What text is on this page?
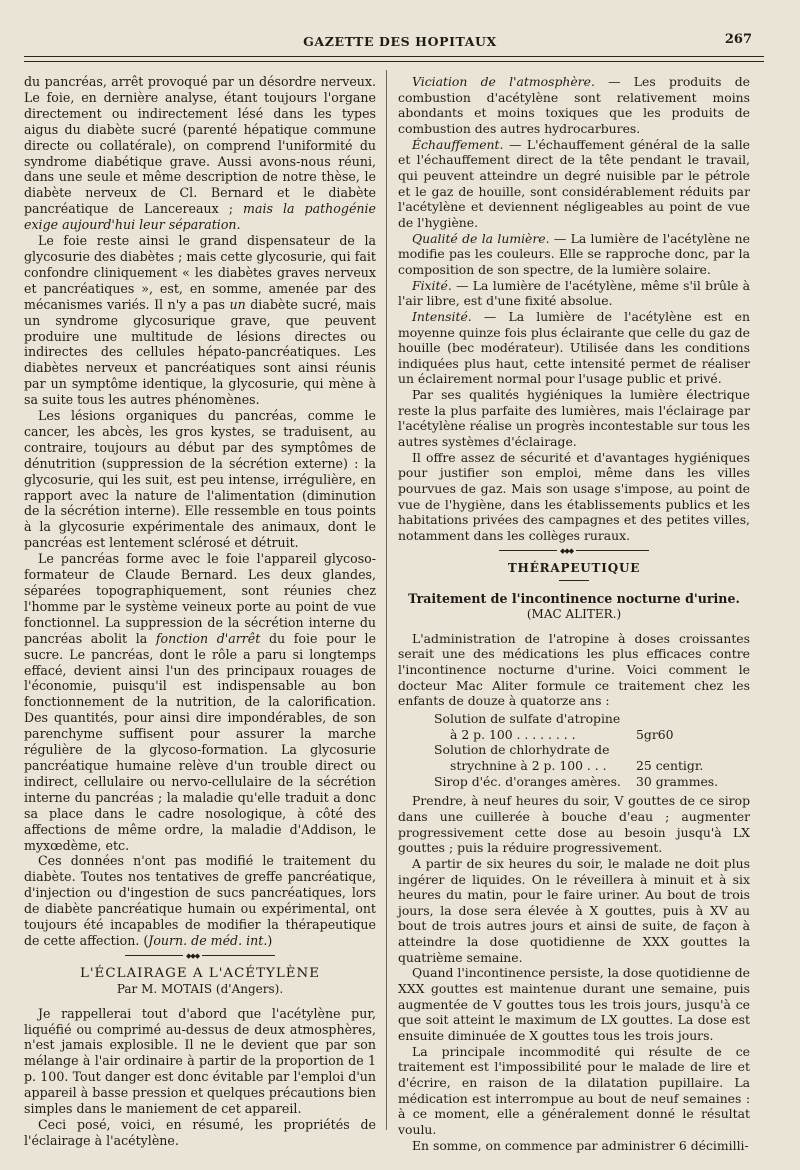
GAZETTE DES HOPITAUX	267

du pancréas, arrêt provoqué par un désordre nerveux. Le foie, en dernière analyse, étant toujours l'organe directement ou indirectement lésé dans les types aigus du diabète sucré (parenté hépatique commune directe ou collatérale), on comprend l'uniformité du syndrome diabétique grave. Aussi avons-nous réuni, dans une seule et même description de notre thèse, le diabète nerveux de Cl. Bernard et le diabète pancréatique de Lancereaux ; mais la pathogénie exige aujourd'hui leur séparation.

Le foie reste ainsi le grand dispensateur de la glycosurie des diabètes ; mais cette glycosurie, qui fait confondre cliniquement « les diabètes graves nerveux et pancréatiques », est, en somme, amenée par des mécanismes variés. Il n'y a pas un diabète sucré, mais un syndrome glycosurique grave, que peuvent produire une multitude de lésions directes ou indirectes des cellules hépato-pancréatiques. Les diabètes nerveux et pancréatiques sont ainsi réunis par un symptôme identique, la glycosurie, qui mène à sa suite tous les autres phénomènes.

Les lésions organiques du pancréas, comme le cancer, les abcès, les gros kystes, se traduisent, au contraire, toujours au début par des symptômes de dénutrition (suppression de la sécrétion externe) : la glycosurie, qui les suit, est peu intense, irrégulière, en rapport avec la nature de l'alimentation (diminution de la sécrétion interne). Elle ressemble en tous points à la glycosurie expérimentale des animaux, dont le pancréas est lentement sclérosé et détruit.

Le pancréas forme avec le foie l'appareil glycoso-formateur de Claude Bernard. Les deux glandes, séparées topographiquement, sont réunies chez l'homme par le système veineux porte au point de vue fonctionnel. La suppression de la sécrétion interne du pancréas abolit la fonction d'arrêt du foie pour le sucre. Le pancréas, dont le rôle a paru si longtemps effacé, devient ainsi l'un des principaux rouages de l'économie, puisqu'il est indispensable au bon fonctionnement de la nutrition, de la calorification. Des quantités, pour ainsi dire impondérables, de son parenchyme suffisent pour assurer la marche régulière de la glycoso-formation. La glycosurie pancréatique humaine relève d'un trouble direct ou indirect, cellulaire ou nervo-cellulaire de la sécrétion interne du pancréas ; la maladie qu'elle traduit a donc sa place dans le cadre nosologique, à côté des affections de même ordre, la maladie d'Addison, le myxœdème, etc.

Ces données n'ont pas modifié le traitement du diabète. Toutes nos tentatives de greffe pancréatique, d'injection ou d'ingestion de sucs pancréatiques, lors de diabète pancréatique humain ou expérimental, ont toujours été incapables de modifier la thérapeutique de cette affection. (Journ. de méd. int.)

◆◆◆
L'ÉCLAIRAGE A L'ACÉTYLÈNE
Par M. MOTAIS (d'Angers).

Je rappellerai tout d'abord que l'acétylène pur, liquéfié ou comprimé au-dessus de deux atmosphères, n'est jamais explosible. Il ne le devient que par son mélange à l'air ordinaire à partir de la proportion de 1 p. 100. Tout danger est donc évitable par l'emploi d'un appareil à basse pression et quelques précautions bien simples dans le maniement de cet appareil.

Ceci posé, voici, en résumé, les propriétés de l'éclairage à l'acétylène.

Viciation de l'atmosphère. — Les produits de combustion d'acétylène sont relativement moins abondants et moins toxiques que les produits de combustion des autres hydrocarbures.

Échauffement. — L'échauffement général de la salle et l'échauffement direct de la tête pendant le travail, qui peuvent atteindre un degré nuisible par le pétrole et le gaz de houille, sont considérablement réduits par l'acétylène et deviennent négligeables au point de vue de l'hygiène.

Qualité de la lumière. — La lumière de l'acétylène ne modifie pas les couleurs. Elle se rapproche donc, par la composition de son spectre, de la lumière solaire.

Fixité. — La lumière de l'acétylène, même s'il brûle à l'air libre, est d'une fixité absolue.

Intensité. — La lumière de l'acétylène est en moyenne quinze fois plus éclairante que celle du gaz de houille (bec modérateur). Utilisée dans les conditions indiquées plus haut, cette intensité permet de réaliser un éclairement normal pour l'usage public et privé.

Par ses qualités hygiéniques la lumière électrique reste la plus parfaite des lumières, mais l'éclairage par l'acétylène réalise un progrès incontestable sur tous les autres systèmes d'éclairage.

Il offre assez de sécurité et d'avantages hygiéniques pour justifier son emploi, même dans les villes pourvues de gaz. Mais son usage s'impose, au point de vue de l'hygiène, dans les établissements publics et les habitations privées des campagnes et des petites villes, notamment dans les collèges ruraux.

◆◆◆
THÉRAPEUTIQUE
Traitement de l'incontinence nocturne d'urine.
(MAC ALITER.)

L'administration de l'atropine à doses croissantes serait une des médications les plus efficaces contre l'incontinence nocturne d'urine. Voici comment le docteur Mac Aliter formule ce traitement chez les enfants de douze à quatorze ans :

Solution de sulfate d'atropine
à 2 p. 100 . . . . . . . .	5gr60
Solution de chlorhydrate de
strychnine à 2 p. 100 . . .	25 centigr.
Sirop d'éc. d'oranges amères.	30 grammes.

Prendre, à neuf heures du soir, V gouttes de ce sirop dans une cuillerée à bouche d'eau ; augmenter progressivement cette dose au besoin jusqu'à LX gouttes ; puis la réduire progressivement.

A partir de six heures du soir, le malade ne doit plus ingérer de liquides. On le réveillera à minuit et à six heures du matin, pour le faire uriner. Au bout de trois jours, la dose sera élevée à X gouttes, puis à XV au bout de trois autres jours et ainsi de suite, de façon à atteindre la dose quotidienne de XXX gouttes la quatrième semaine.

Quand l'incontinence persiste, la dose quotidienne de XXX gouttes est maintenue durant une semaine, puis augmentée de V gouttes tous les trois jours, jusqu'à ce que soit atteint le maximum de LX gouttes. La dose est ensuite diminuée de X gouttes tous les trois jours.

La principale incommodité qui résulte de ce traitement est l'impossibilité pour le malade de lire et d'écrire, en raison de la dilatation pupillaire. La médication est interrompue au bout de neuf semaines : à ce moment, elle a généralement donné le résultat voulu.

En somme, on commence par administrer 6 décimilli-
